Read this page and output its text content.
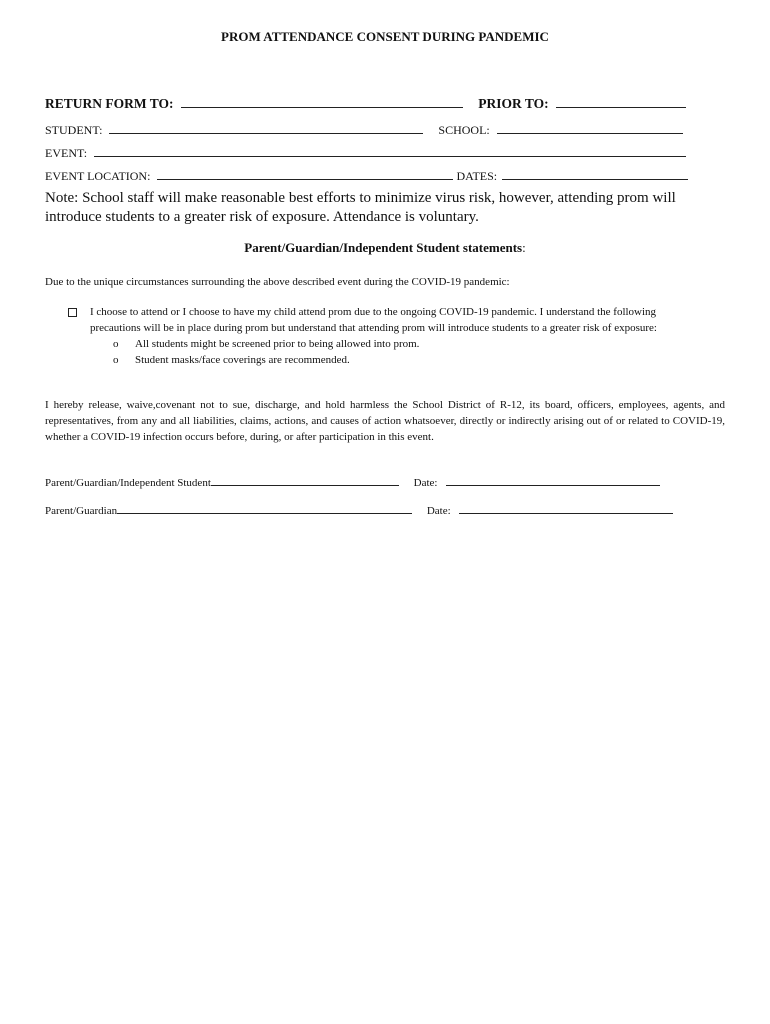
PROM ATTENDANCE CONSENT DURING PANDEMIC
RETURN FORM TO:	PRIOR TO:
STUDENT:	SCHOOL:
EVENT:
EVENT LOCATION:	DATES:
Note: School staff will make reasonable best efforts to minimize virus risk, however, attending prom will introduce students to a greater risk of exposure. Attendance is voluntary.
Parent/Guardian/Independent Student statements:
Due to the unique circumstances surrounding the above described event during the COVID-19 pandemic:
I choose to attend or I choose to have my child attend prom due to the ongoing COVID-19 pandemic. I understand the following precautions will be in place during prom but understand that attending prom will introduce students to a greater risk of exposure:
o All students might be screened prior to being allowed into prom.
o Student masks/face coverings are recommended.
I hereby release, waive,covenant not to sue, discharge, and hold harmless the School District of R-12, its board, officers, employees, agents, and representatives, from any and all liabilities, claims, actions, and causes of action whatsoever, directly or indirectly arising out of or related to COVID-19, whether a COVID-19 infection occurs before, during, or after participation in this event.
Parent/Guardian/Independent Student	Date:
Parent/Guardian	Date:
